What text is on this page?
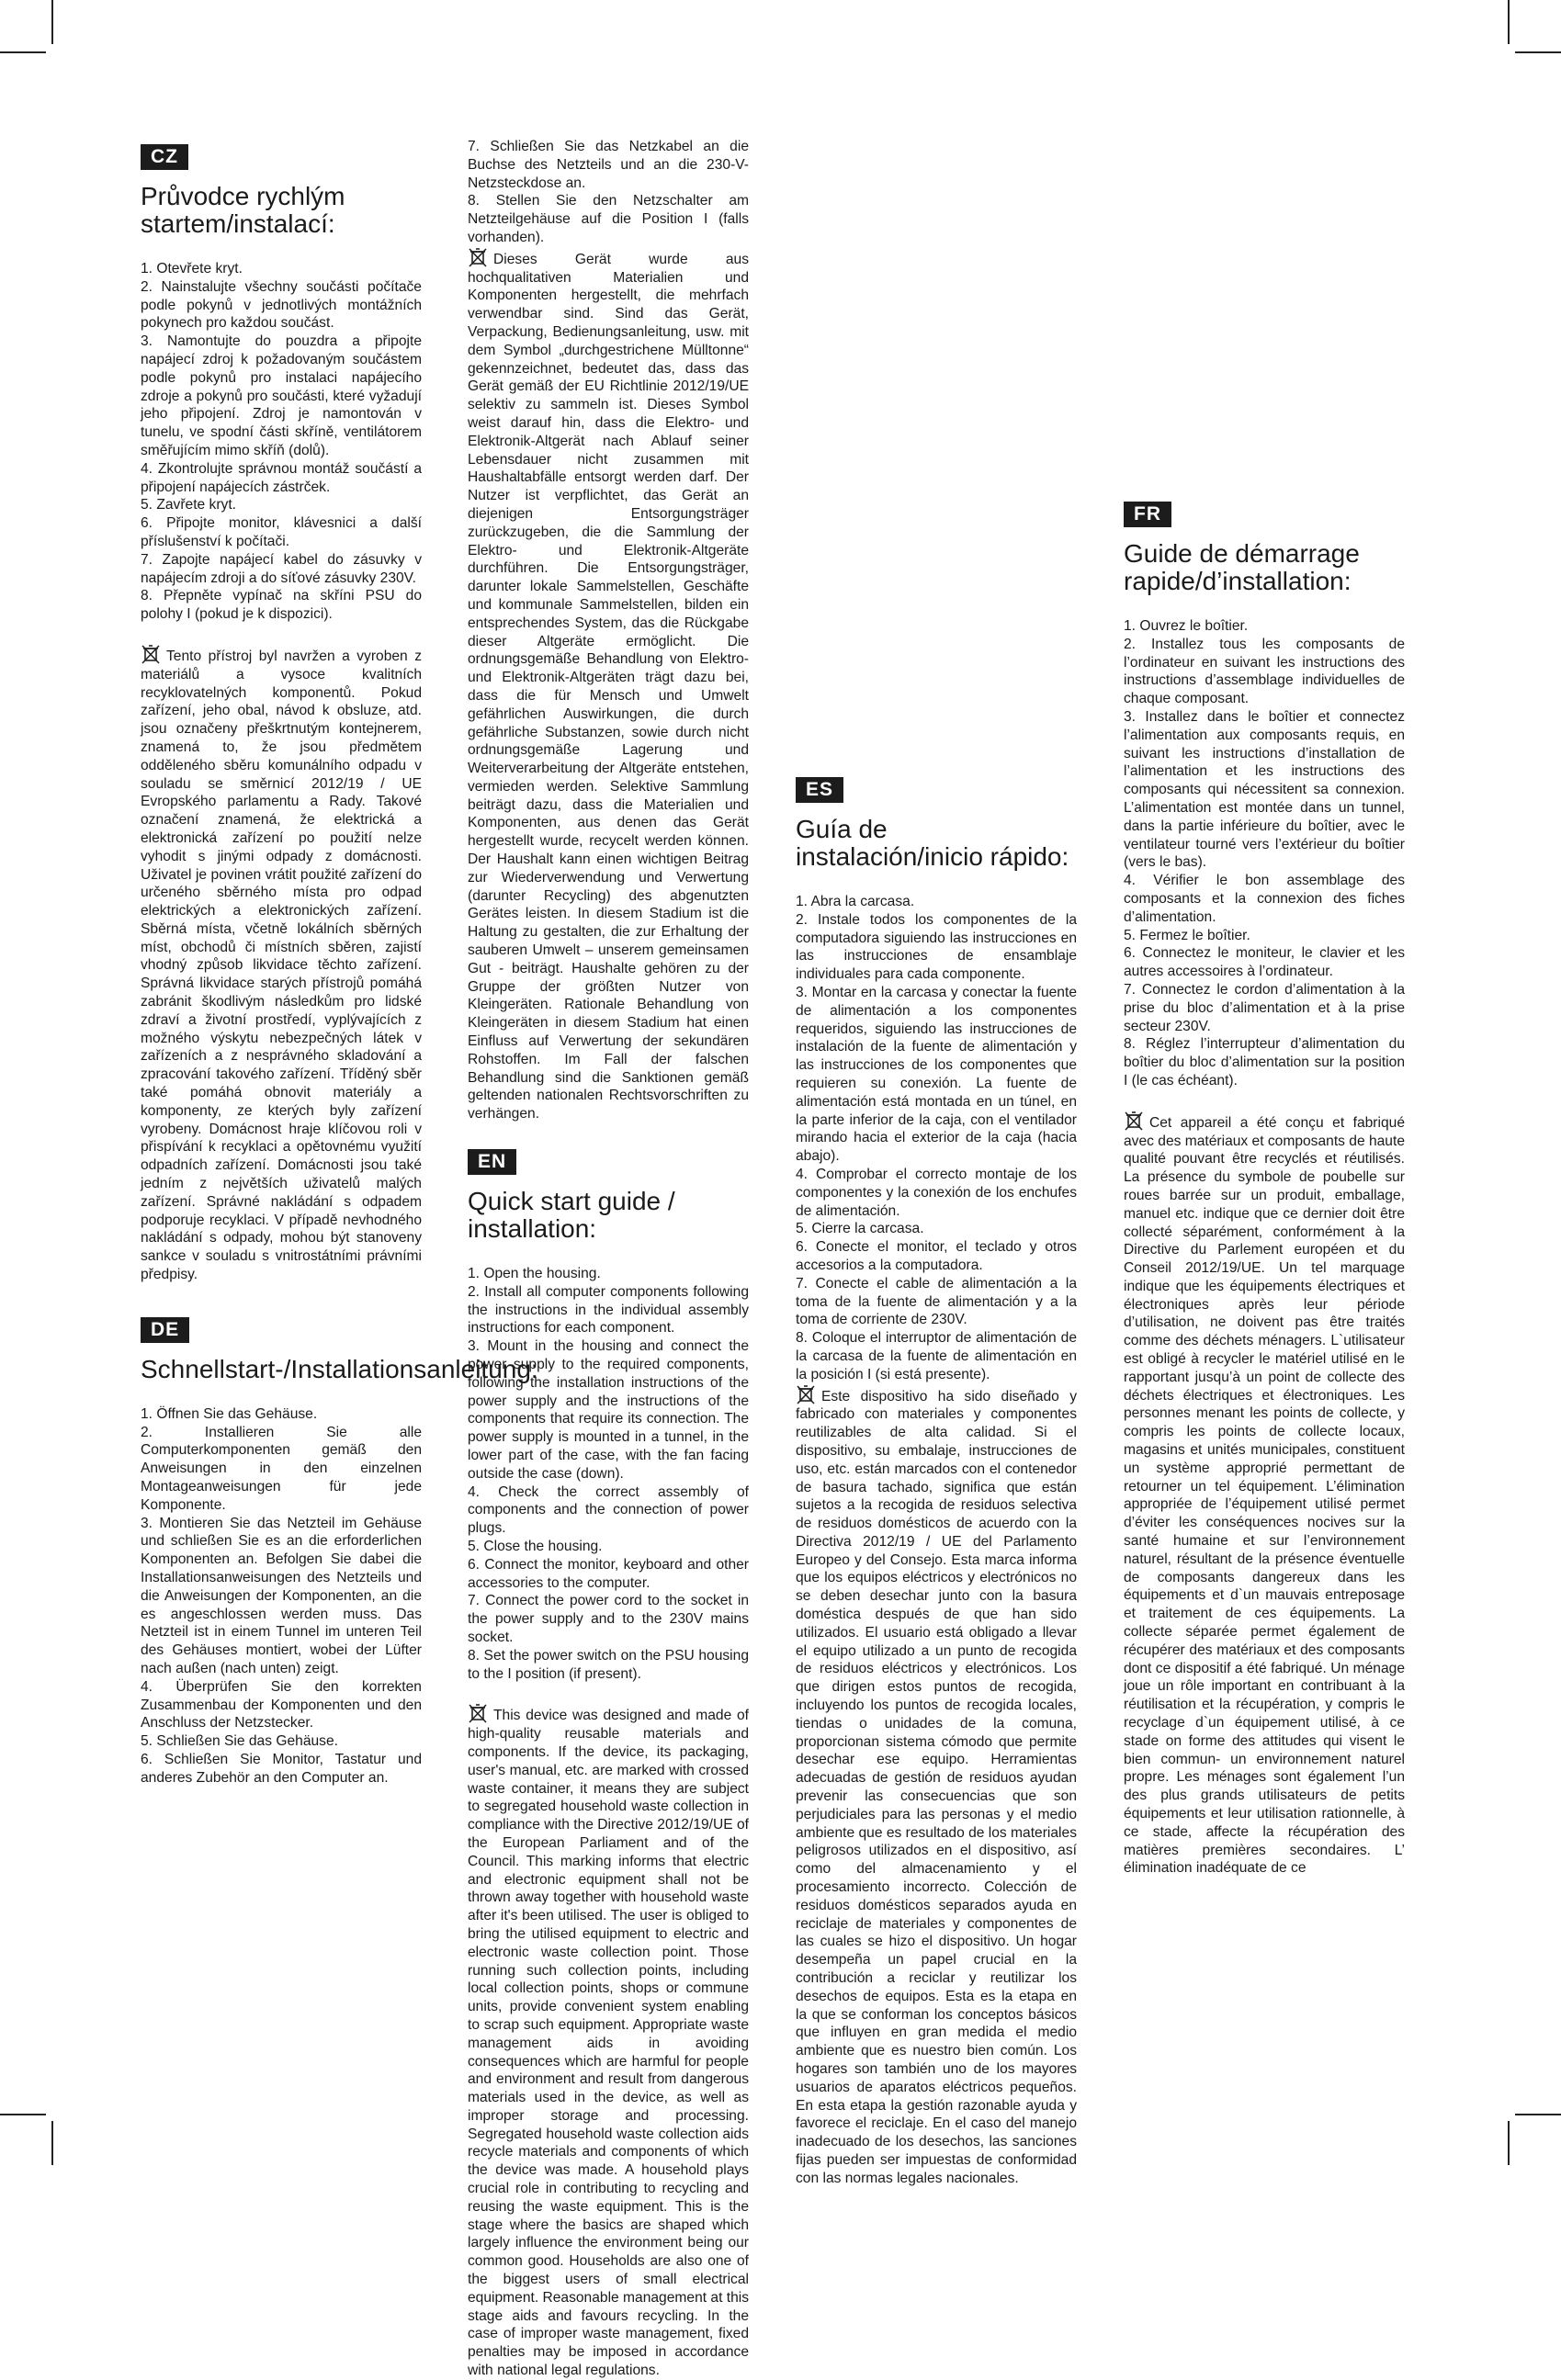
CZ
Průvodce rychlým startem/instalací:

1. Otevřete kryt.

2. Nainstalujte všechny součásti počítače podle pokynů v jednotlivých montážních pokynech pro každou součást.

3. Namontujte do pouzdra a připojte napájecí zdroj k požadovaným součástem podle pokynů pro instalaci napájecího zdroje a pokynů pro součásti, které vyžadují jeho připojení. Zdroj je namontován v tunelu, ve spodní části skříně, ventilátorem směřujícím mimo skříň (dolů).

4. Zkontrolujte správnou montáž součástí a připojení napájecích zástrček.

5. Zavřete kryt.

6. Připojte monitor, klávesnici a další příslušenství k počítači.

7. Zapojte napájecí kabel do zásuvky v napájecím zdroji a do síťové zásuvky 230V.

8. Přepněte vypínač na skříni PSU do polohy I (pokud je k dispozici).

Tento přístroj byl navržen a vyroben z materiálů a vysoce kvalitních recyklovatelných komponentů. Pokud zařízení, jeho obal, návod k obsluze, atd. jsou označeny přeškrtnutým kontejnerem, znamená to, že jsou předmětem odděleného sběru komunálního odpadu v souladu se směrnicí 2012/19 / UE Evropského parlamentu a Rady. Takové označení znamená, že elektrická a elektronická zařízení po použití nelze vyhodit s jinými odpady z domácnosti. Uživatel je povinen vrátit použité zařízení do určeného sběrného místa pro odpad elektrických a elektronických zařízení. Sběrná místa, včetně lokálních sběrných míst, obchodů či místních sběren, zajistí vhodný způsob likvidace těchto zařízení. Správná likvidace starých přístrojů pomáhá zabránit škodlivým následkům pro lidské zdraví a životní prostředí, vyplývajících z možného výskytu nebezpečných látek v zařízeních a z nesprávného skladování a zpracování takového zařízení. Tříděný sběr také pomáhá obnovit materiály a komponenty, ze kterých byly zařízení vyrobeny. Domácnost hraje klíčovou roli v přispívání k recyklaci a opětovnému využití odpadních zařízení. Domácnosti jsou také jedním z největších uživatelů malých zařízení. Správné nakládání s odpadem podporuje recyklaci. V případě nevhodného nakládání s odpady, mohou být stanoveny sankce v souladu s vnitrostátními právními předpisy.

DE
Schnellstart-/Installationsanleitung:

1. Öffnen Sie das Gehäuse.

2. Installieren Sie alle Computerkomponenten gemäß den Anweisungen in den einzelnen Montageanweisungen für jede Komponente.

3. Montieren Sie das Netzteil im Gehäuse und schließen Sie es an die erforderlichen Komponenten an. Befolgen Sie dabei die Installationsanweisungen des Netzteils und die Anweisungen der Komponenten, an die es angeschlossen werden muss. Das Netzteil ist in einem Tunnel im unteren Teil des Gehäuses montiert, wobei der Lüfter nach außen (nach unten) zeigt.

4. Überprüfen Sie den korrekten Zusammenbau der Komponenten und den Anschluss der Netzstecker.

5. Schließen Sie das Gehäuse.

6. Schließen Sie Monitor, Tastatur und anderes Zubehör an den Computer an.

7. Schließen Sie das Netzkabel an die Buchse des Netzteils und an die 230-V-Netzsteckdose an.

8. Stellen Sie den Netzschalter am Netzteilgehäuse auf die Position I (falls vorhanden).

Dieses Gerät wurde aus hochqualitativen Materialien und Komponenten hergestellt, die mehrfach verwendbar sind. Sind das Gerät, Verpackung, Bedienungsanleitung, usw. mit dem Symbol „durchgestrichene Mülltonne“ gekennzeichnet, bedeutet das, dass das Gerät gemäß der EU Richtlinie 2012/19/UE selektiv zu sammeln ist. Dieses Symbol weist darauf hin, dass die Elektro- und Elektronik-Altgerät nach Ablauf seiner Lebensdauer nicht zusammen mit Haushaltabfälle entsorgt werden darf. Der Nutzer ist verpflichtet, das Gerät an diejenigen Entsorgungsträger zurückzugeben, die die Sammlung der Elektro- und Elektronik-Altgeräte durchführen. Die Entsorgungsträger, darunter lokale Sammelstellen, Geschäfte und kommunale Sammelstellen, bilden ein entsprechendes System, das die Rückgabe dieser Altgeräte ermöglicht. Die ordnungsgemäße Behandlung von Elektro- und Elektronik-Altgeräten trägt dazu bei, dass die für Mensch und Umwelt gefährlichen Auswirkungen, die durch gefährliche Substanzen, sowie durch nicht ordnungsgemäße Lagerung und Weiterverarbeitung der Altgeräte entstehen, vermieden werden. Selektive Sammlung beiträgt dazu, dass die Materialien und Komponenten, aus denen das Gerät hergestellt wurde, recycelt werden können. Der Haushalt kann einen wichtigen Beitrag zur Wiederverwendung und Verwertung (darunter Recycling) des abgenutzten Gerätes leisten. In diesem Stadium ist die Haltung zu gestalten, die zur Erhaltung der sauberen Umwelt – unserem gemeinsamen Gut - beiträgt. Haushalte gehören zu der Gruppe der größten Nutzer von Kleingeräten. Rationale Behandlung von Kleingeräten in diesem Stadium hat einen Einfluss auf Verwertung der sekundären Rohstoffen. Im Fall der falschen Behandlung sind die Sanktionen gemäß geltenden nationalen Rechtsvorschriften zu verhängen.

EN
Quick start guide / installation:

1. Open the housing.

2. Install all computer components following the instructions in the individual assembly instructions for each component.

3. Mount in the housing and connect the power supply to the required components, following the installation instructions of the power supply and the instructions of the components that require its connection. The power supply is mounted in a tunnel, in the lower part of the case, with the fan facing outside the case (down).

4. Check the correct assembly of components and the connection of power plugs.

5. Close the housing.

6. Connect the monitor, keyboard and other accessories to the computer.

7. Connect the power cord to the socket in the power supply and to the 230V mains socket.

8. Set the power switch on the PSU housing to the I position (if present).

This device was designed and made of high-quality reusable materials and components. If the device, its packaging, user's manual, etc. are marked with crossed waste container, it means they are subject to segregated household waste collection in compliance with the Directive 2012/19/UE of the European Parliament and of the Council. This marking informs that electric and electronic equipment shall not be thrown away together with household waste after it's been utilised. The user is obliged to bring the utilised equipment to electric and electronic waste collection point. Those running such collection points, including local collection points, shops or commune units, provide convenient system enabling to scrap such equipment. Appropriate waste management aids in avoiding consequences which are harmful for people and environment and result from dangerous materials used in the device, as well as improper storage and processing. Segregated household waste collection aids recycle materials and components of which the device was made. A household plays crucial role in contributing to recycling and reusing the waste equipment. This is the stage where the basics are shaped which largely influence the environment being our common good. Households are also one of the biggest users of small electrical equipment. Reasonable management at this stage aids and favours recycling. In the case of improper waste management, fixed penalties may be imposed in accordance with national legal regulations.

ES
Guía de instalación/inicio rápido:

1. Abra la carcasa.

2. Instale todos los componentes de la computadora siguiendo las instrucciones en las instrucciones de ensamblaje individuales para cada componente.

3. Montar en la carcasa y conectar la fuente de alimentación a los componentes requeridos, siguiendo las instrucciones de instalación de la fuente de alimentación y las instrucciones de los componentes que requieren su conexión. La fuente de alimentación está montada en un túnel, en la parte inferior de la caja, con el ventilador mirando hacia el exterior de la caja (hacia abajo).

4. Comprobar el correcto montaje de los componentes y la conexión de los enchufes de alimentación.

5. Cierre la carcasa.

6. Conecte el monitor, el teclado y otros accesorios a la computadora.

7. Conecte el cable de alimentación a la toma de la fuente de alimentación y a la toma de corriente de 230V.

8. Coloque el interruptor de alimentación de la carcasa de la fuente de alimentación en la posición I (si está presente).

Este dispositivo ha sido diseñado y fabricado con materiales y componentes reutilizables de alta calidad. Si el dispositivo, su embalaje, instrucciones de uso, etc. están marcados con el contenedor de basura tachado, significa que están sujetos a la recogida de residuos selectiva de residuos domésticos de acuerdo con la Directiva 2012/19 / UE del Parlamento Europeo y del Consejo. Esta marca informa que los equipos eléctricos y electrónicos no se deben desechar junto con la basura doméstica después de que han sido utilizados. El usuario está obligado a llevar el equipo utilizado a un punto de recogida de residuos eléctricos y electrónicos. Los que dirigen estos puntos de recogida, incluyendo los puntos de recogida locales, tiendas o unidades de la comuna, proporcionan sistema cómodo que permite desechar ese equipo. Herramientas adecuadas de gestión de residuos ayudan prevenir las consecuencias que son perjudiciales para las personas y el medio ambiente que es resultado de los materiales peligrosos utilizados en el dispositivo, así como del almacenamiento y el procesamiento incorrecto. Colección de residuos domésticos separados ayuda en reciclaje de materiales y componentes de las cuales se hizo el dispositivo. Un hogar desempeña un papel crucial en la contribución a reciclar y reutilizar los desechos de equipos. Esta es la etapa en la que se conforman los conceptos básicos que influyen en gran medida el medio ambiente que es nuestro bien común. Los hogares son también uno de los mayores usuarios de aparatos eléctricos pequeños. En esta etapa la gestión razonable ayuda y favorece el reciclaje. En el caso del manejo inadecuado de los desechos, las sanciones fijas pueden ser impuestas de conformidad con las normas legales nacionales.

FR
Guide de démarrage rapide/d’installation:

1. Ouvrez le boîtier.

2. Installez tous les composants de l’ordinateur en suivant les instructions des instructions d’assemblage individuelles de chaque composant.

3. Installez dans le boîtier et connectez l’alimentation aux composants requis, en suivant les instructions d’installation de l’alimentation et les instructions des composants qui nécessitent sa connexion. L’alimentation est montée dans un tunnel, dans la partie inférieure du boîtier, avec le ventilateur tourné vers l’extérieur du boîtier (vers le bas).

4. Vérifier le bon assemblage des composants et la connexion des fiches d’alimentation.

5. Fermez le boîtier.

6. Connectez le moniteur, le clavier et les autres accessoires à l’ordinateur.

7. Connectez le cordon d’alimentation à la prise du bloc d’alimentation et à la prise secteur 230V.

8. Réglez l’interrupteur d’alimentation du boîtier du bloc d’alimentation sur la position I (le cas échéant).

Cet appareil a été conçu et fabriqué avec des matériaux et composants de haute qualité pouvant être recyclés et réutilisés. La présence du symbole de poubelle sur roues barrée sur un produit, emballage, manuel etc. indique que ce dernier doit être collecté séparément, conformément à la Directive du Parlement européen et du Conseil 2012/19/UE. Un tel marquage indique que les équipements électriques et électroniques après leur période d’utilisation, ne doivent pas être traités comme des déchets ménagers. L`utilisateur est obligé à recycler le matériel utilisé en le rapportant jusqu’à un point de collecte des déchets électriques et électroniques. Les personnes menant les points de collecte, y compris les points de collecte locaux, magasins et unités municipales, constituent un système approprié permettant de retourner un tel équipement. L’élimination appropriée de l’équipement utilisé permet d’éviter les conséquences nocives sur la santé humaine et sur l’environnement naturel, résultant de la présence éventuelle de composants dangereux dans les équipements et d`un mauvais entreposage et traitement de ces équipements. La collecte séparée permet également de récupérer des matériaux et des composants dont ce dispositif a été fabriqué. Un ménage joue un rôle important en contribuant à la réutilisation et la récupération, y compris le recyclage d`un équipement utilisé, à ce stade on forme des attitudes qui visent le bien commun- un environnement naturel propre. Les ménages sont également l’un des plus grands utilisateurs de petits équipements et leur utilisation rationnelle, à ce stade, affecte la récupération des matières premières secondaires. L’ élimination inadéquate de ce
